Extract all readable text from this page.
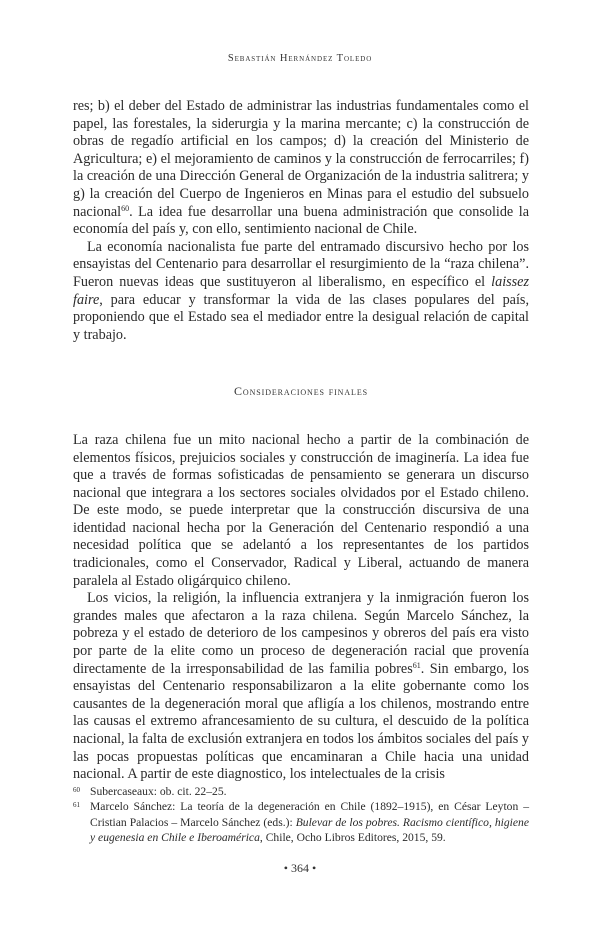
Sebastián Hernández Toledo

res; b) el deber del Estado de administrar las industrias fundamentales como el papel, las forestales, la siderurgia y la marina mercante; c) la construcción de obras de regadío artificial en los campos; d) la creación del Ministerio de Agricultura; e) el mejoramiento de caminos y la construcción de ferrocarriles; f) la creación de una Dirección General de Organización de la industria salitrera; y g) la creación del Cuerpo de Ingenieros en Minas para el estudio del subsuelo nacional$^{60}$. La idea fue desarrollar una buena administración que consolide la economía del país y, con ello, sentimiento nacional de Chile.

La economía nacionalista fue parte del entramado discursivo hecho por los ensayistas del Centenario para desarrollar el resurgimiento de la “raza chilena”. Fueron nuevas ideas que sustituyeron al liberalismo, en específico el laissez faire, para educar y transformar la vida de las clases populares del país, proponiendo que el Estado sea el mediador entre la desigual relación de capital y trabajo.

Consideraciones finales

La raza chilena fue un mito nacional hecho a partir de la combinación de elementos físicos, prejuicios sociales y construcción de imaginería. La idea fue que a través de formas sofisticadas de pensamiento se generara un discurso nacional que integrara a los sectores sociales olvidados por el Estado chileno. De este modo, se puede interpretar que la construcción discursiva de una identidad nacional hecha por la Generación del Centenario respondió a una necesidad política que se adelantó a los representantes de los partidos tradicionales, como el Conservador, Radical y Liberal, actuando de manera paralela al Estado oligárquico chileno.

Los vicios, la religión, la influencia extranjera y la inmigración fueron los grandes males que afectaron a la raza chilena. Según Marcelo Sánchez, la pobreza y el estado de deterioro de los campesinos y obreros del país era visto por parte de la elite como un proceso de degeneración racial que provenía directamente de la irresponsabilidad de las familia pobres$^{61}$. Sin embargo, los ensayistas del Centenario responsabilizaron a la elite gobernante como los causantes de la degeneración moral que afligía a los chilenos, mostrando entre las causas el extremo afrancesamiento de su cultura, el descuido de la política nacional, la falta de exclusión extranjera en todos los ámbitos sociales del país y las pocas propuestas políticas que encaminaran a Chile hacia una unidad nacional. A partir de este diagnostico, los intelectuales de la crisis

60 Subercaseaux: ob. cit. 22–25.
61 Marcelo Sánchez: La teoría de la degeneración en Chile (1892–1915), en César Leyton – Cristian Palacios – Marcelo Sánchez (eds.): Bulevar de los pobres. Racismo científico, higiene y eugenesia en Chile e Iberoamérica, Chile, Ocho Libros Editores, 2015, 59.
• 364 •
